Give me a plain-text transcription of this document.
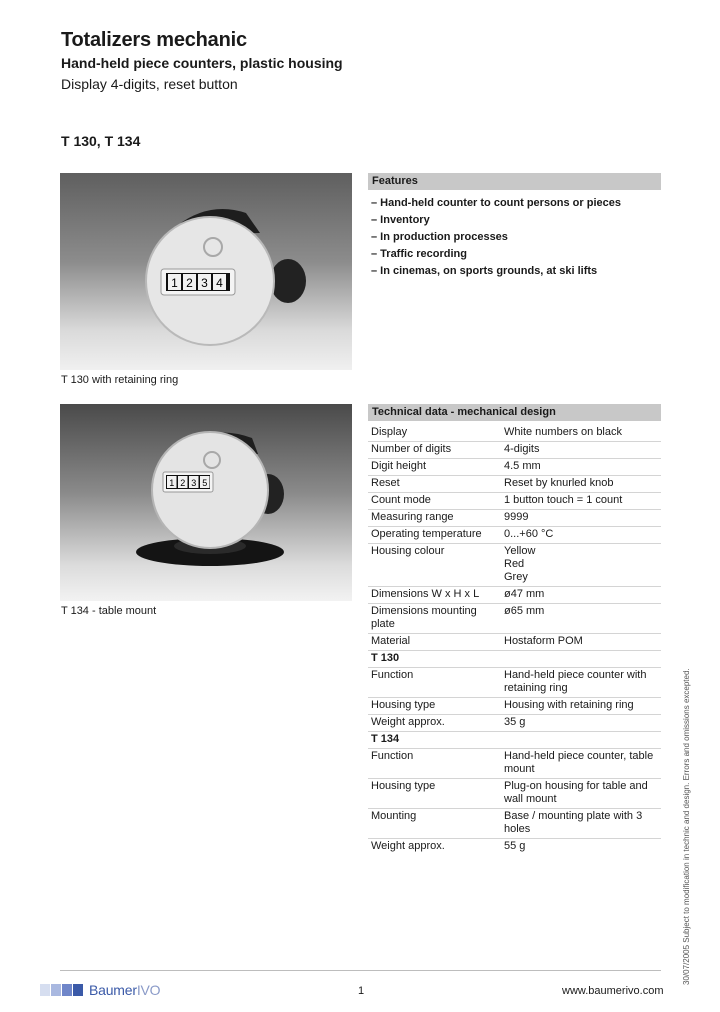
Totalizers mechanic
Hand-held piece counters, plastic housing
Display 4-digits, reset button
T 130, T 134
1 2 3 4
T 130 with retaining ring
1 2 3 5
T 134 - table mount
Features
– Hand-held counter to count persons or pieces
– Inventory
– In production processes
– Traffic recording
– In cinemas, on sports grounds, at ski lifts
Technical data - mechanical design
Display	White numbers on black
Number of digits	4-digits
Digit height	4.5 mm
Reset	Reset by knurled knob
Count mode	1 button touch = 1 count
Measuring range	9999
Operating temperature	0...+60 °C
Housing colour	Yellow
Red
Grey
Dimensions W x H x L	ø47 mm
Dimensions mounting plate	ø65 mm
Material	Hostaform POM
T 130	
Function	Hand-held piece counter with retaining ring
Housing type	Housing with retaining ring
Weight approx.	35 g
T 134	
Function	Hand-held piece counter, table mount
Housing type	Plug-on housing for table and wall mount
Mounting	Base / mounting plate with 3 holes
Weight approx.	55 g
BaumerIVO	1	www.baumerivo.com
30/07/2005 Subject to modification in technic and design. Errors and omissions excepted.
